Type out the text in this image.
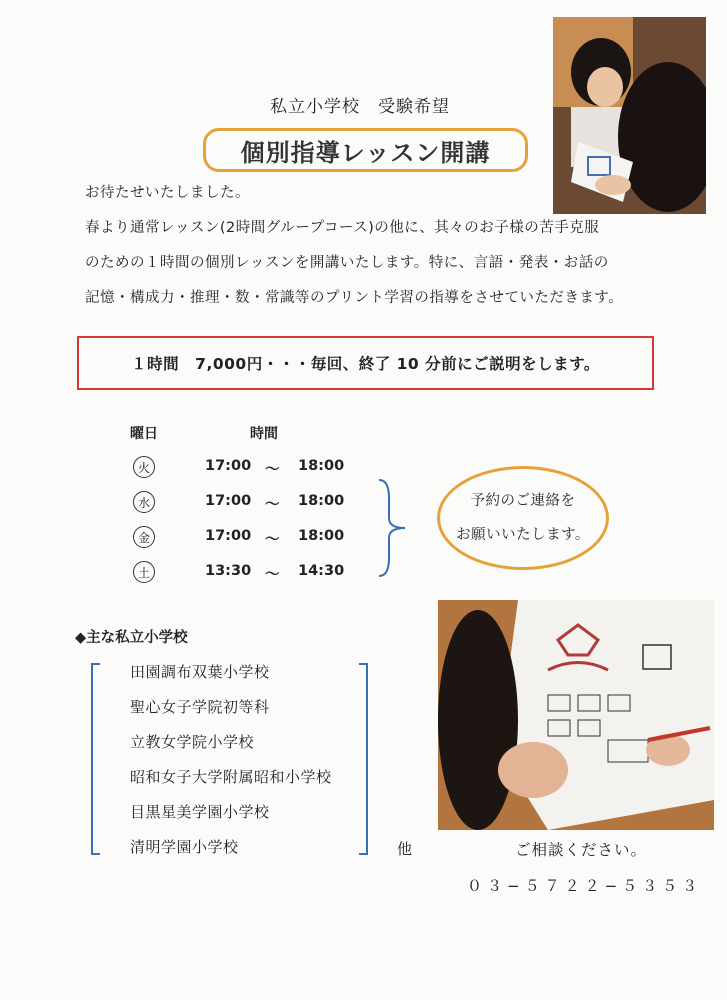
私立小学校　受験希望
個別指導レッスン開講
お待たせいたしました。
春より通常レッスン(2時間グループコース)の他に、其々のお子様の苦手克服
のための１時間の個別レッスンを開講いたします。特に、言語・発表・お話の
記憶・構成力・推理・数・常識等のプリント学習の指導をさせていただきます。
１時間　7,000円・・・毎回、終了 10 分前にご説明をします。
曜日	時間
火	17:00 〜 18:00
水	17:00 〜 18:00
金	17:00 〜 18:00
土	13:30 〜 14:30
予約のご連絡を
お願いいたします。
◆主な私立小学校
田園調布双葉小学校
聖心女子学院初等科
立教女学院小学校
昭和女子大学附属昭和小学校
目黒星美学園小学校
清明学園小学校	他	ご相談ください。
０３−５７２２−５３５３
